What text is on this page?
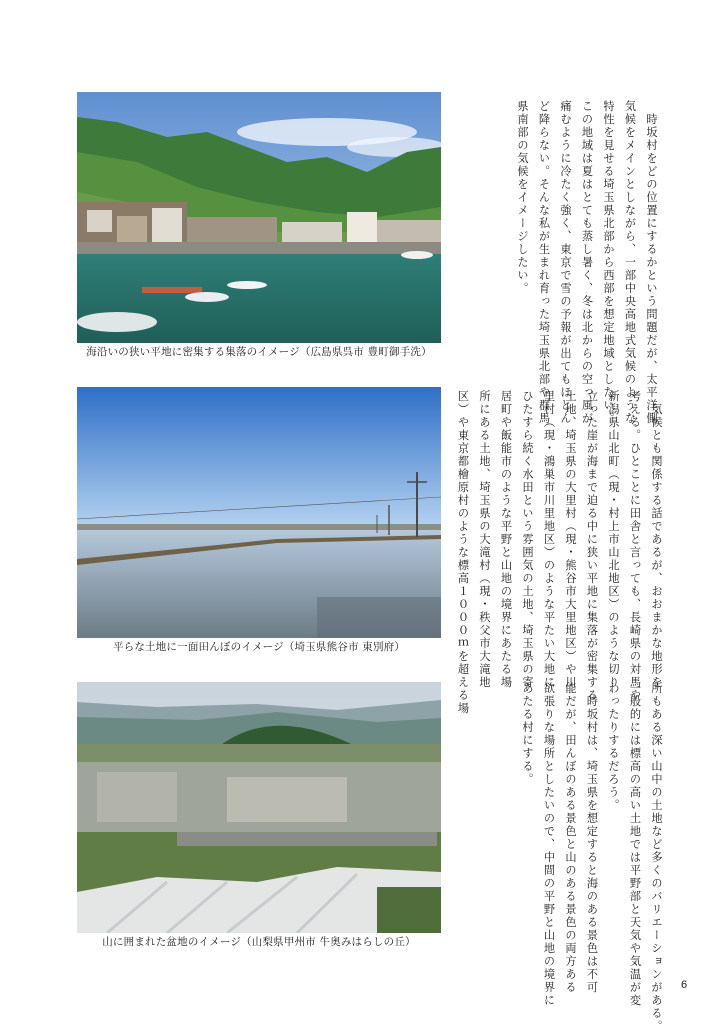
海沿いの狭い平地に密集する集落のイメージ（広島県呉市 豊町御手洗）
平らな土地に一面田んぼのイメージ（埼玉県熊谷市 東別府）
山に囲まれた盆地のイメージ（山梨県甲州市 牛奥みはらしの丘）

　時坂村をどの位置にするかという問題だが、太平洋側

気候をメインとしながら、一部中央高地式気候のような

特性を見せる埼玉県北部から西部を想定地域としたい。

この地域は夏はとても蒸し暑く、冬は北からの空っ風が

痛むように冷たく強く、東京で雪の予報が出てもほとん

ど降らない。そんな私が生まれ育った埼玉県北部や群馬

県南部の気候をイメージしたい。

　気候とも関係する話であるが、おおまかな地形を

考える。ひとことに田舎と言っても、長崎県の対馬や

新潟県山北町（現・村上市山北地区）のような切り

立った崖が海まで迫る中に狭い平地に集落が密集する

土地、埼玉県の大里村（現・熊谷市大里地区）や川

里村（現・鴻巣市川里地区）のような平たい大地に

ひたすら続く水田という雰囲気の土地、埼玉県の寄

居町や飯能市のような平野と山地の境界にあたる場

所にある土地、埼玉県の大滝村（現・秩父市大滝地

区）や東京都檜原村のような標高１０００ｍを超える場

所もある深い山中の土地など多くのバリエーションがある。

一般的には標高の高い土地では平野部と天気や気温が変

わったりするだろう。

　時坂村は、埼玉県を想定すると海のある景色は不可

能だが、田んぼのある景色と山のある景色の両方ある

欲張りな場所としたいので、中間の平野と山地の境界に

あたる村にする。

6
